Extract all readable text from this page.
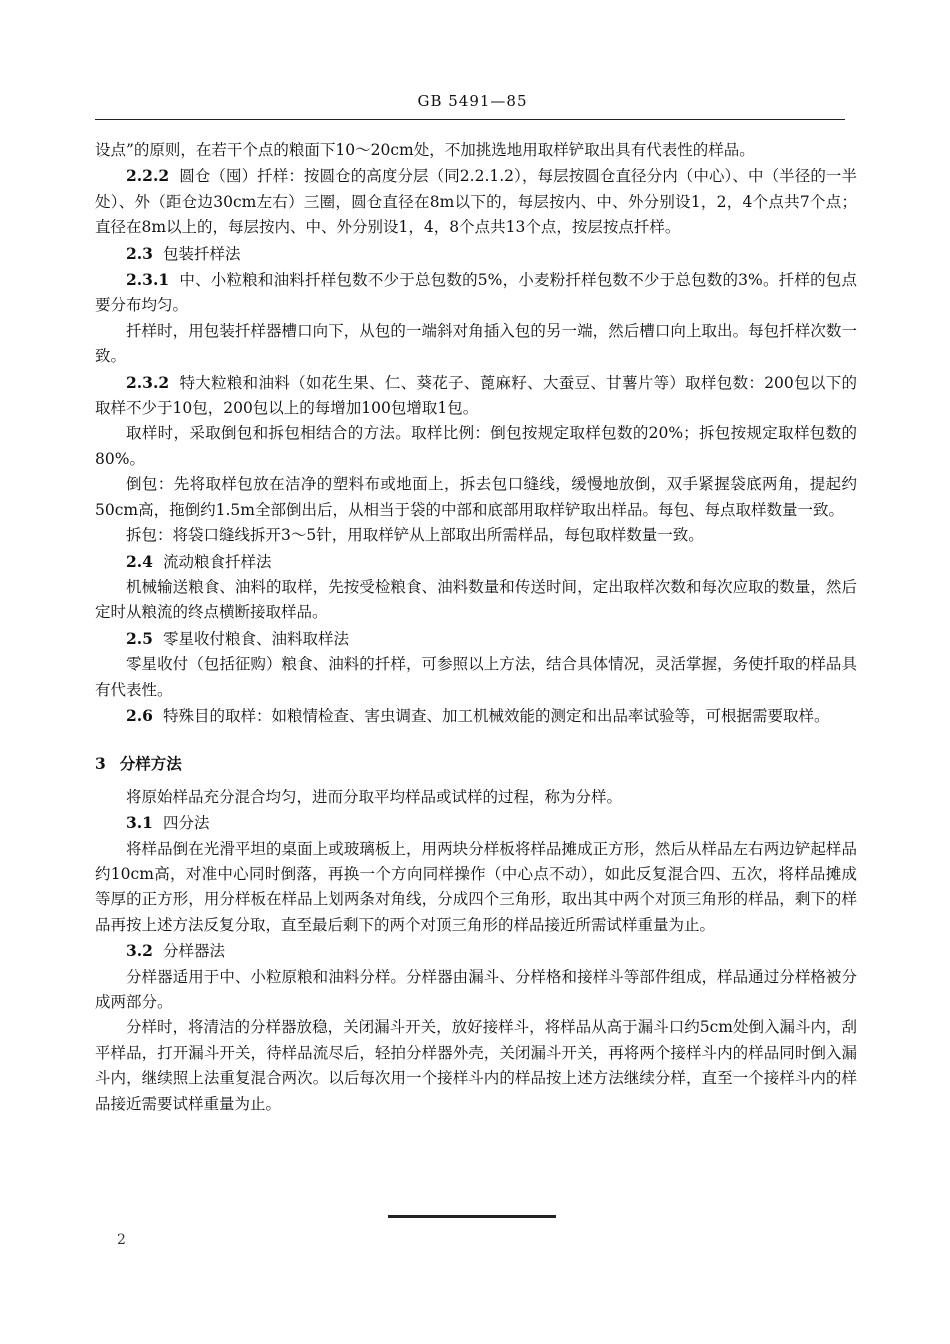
GB 5491—85

设点”的原则，在若干个点的粮面下10～20cm处，不加挑选地用取样铲取出具有代表性的样品。

2.2.2 圆仓（囤）扦样：按圆仓的高度分层（同2.2.1.2），每层按圆仓直径分内（中心）、中（半径的一半处）、外（距仓边30cm左右）三圈，圆仓直径在8m以下的，每层按内、中、外分别设1，2，4个点共7个点；直径在8m以上的，每层按内、中、外分别设1，4，8个点共13个点，按层按点扦样。

2.3 包装扦样法

2.3.1 中、小粒粮和油料扦样包数不少于总包数的5%，小麦粉扦样包数不少于总包数的3%。扦样的包点要分布均匀。

扦样时，用包装扦样器槽口向下，从包的一端斜对角插入包的另一端，然后槽口向上取出。每包扦样次数一致。

2.3.2 特大粒粮和油料（如花生果、仁、葵花子、蓖麻籽、大蚕豆、甘薯片等）取样包数：200包以下的取样不少于10包，200包以上的每增加100包增取1包。

取样时，采取倒包和拆包相结合的方法。取样比例：倒包按规定取样包数的20%；拆包按规定取样包数的80%。

倒包：先将取样包放在洁净的塑料布或地面上，拆去包口缝线，缓慢地放倒，双手紧握袋底两角，提起约50cm高，拖倒约1.5m全部倒出后，从相当于袋的中部和底部用取样铲取出样品。每包、每点取样数量一致。

拆包：将袋口缝线拆开3～5针，用取样铲从上部取出所需样品，每包取样数量一致。

2.4 流动粮食扦样法

机械输送粮食、油料的取样，先按受检粮食、油料数量和传送时间，定出取样次数和每次应取的数量，然后定时从粮流的终点横断接取样品。

2.5 零星收付粮食、油料取样法

零星收付（包括征购）粮食、油料的扦样，可参照以上方法，结合具体情况，灵活掌握，务使扦取的样品具有代表性。

2.6 特殊目的取样：如粮情检查、害虫调查、加工机械效能的测定和出品率试验等，可根据需要取样。

3 分样方法

将原始样品充分混合均匀，进而分取平均样品或试样的过程，称为分样。

3.1 四分法

将样品倒在光滑平坦的桌面上或玻璃板上，用两块分样板将样品摊成正方形，然后从样品左右两边铲起样品约10cm高，对准中心同时倒落，再换一个方向同样操作（中心点不动），如此反复混合四、五次，将样品摊成等厚的正方形，用分样板在样品上划两条对角线，分成四个三角形，取出其中两个对顶三角形的样品，剩下的样品再按上述方法反复分取，直至最后剩下的两个对顶三角形的样品接近所需试样重量为止。

3.2 分样器法

分样器适用于中、小粒原粮和油料分样。分样器由漏斗、分样格和接样斗等部件组成，样品通过分样格被分成两部分。

分样时，将清洁的分样器放稳，关闭漏斗开关，放好接样斗，将样品从高于漏斗口约5cm处倒入漏斗内，刮平样品，打开漏斗开关，待样品流尽后，轻拍分样器外壳，关闭漏斗开关，再将两个接样斗内的样品同时倒入漏斗内，继续照上法重复混合两次。以后每次用一个接样斗内的样品按上述方法继续分样，直至一个接样斗内的样品接近需要试样重量为止。

2
